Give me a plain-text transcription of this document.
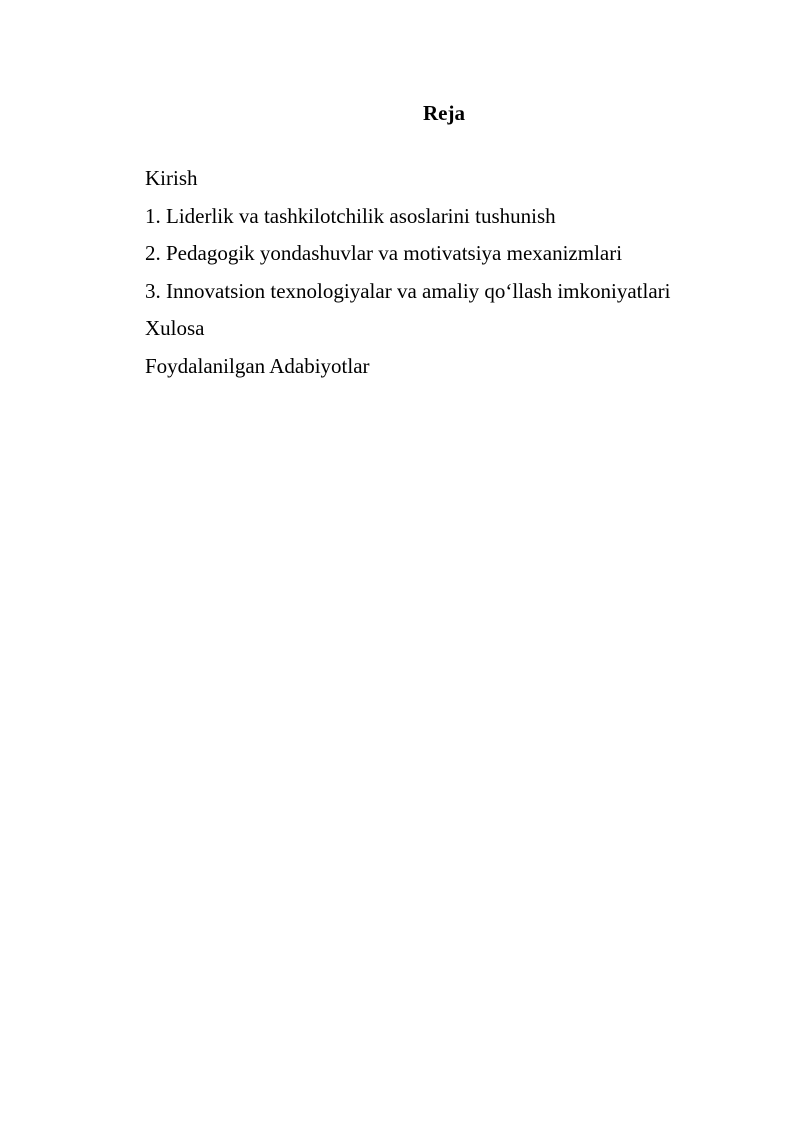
Reja
Kirish
1. Liderlik va tashkilotchilik asoslarini tushunish
2. Pedagogik yondashuvlar va motivatsiya mexanizmlari
3. Innovatsion texnologiyalar va amaliy qo‘llash imkoniyatlari
Xulosa
Foydalanilgan Adabiyotlar
